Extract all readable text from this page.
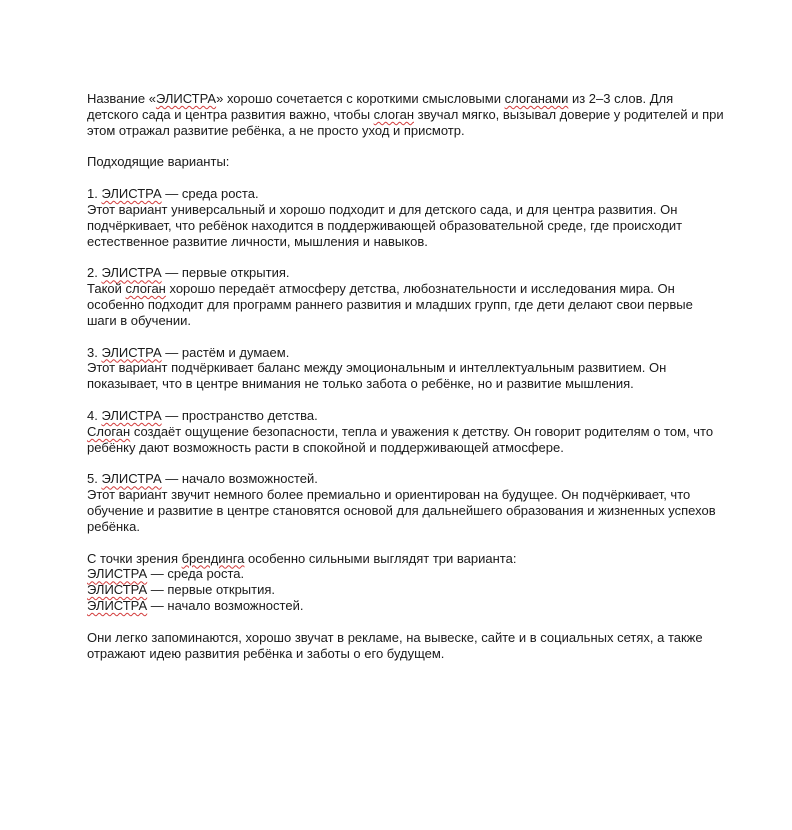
Название «ЭЛИСТРА» хорошо сочетается с короткими смысловыми слоганами из 2–3 слов. Для
детского сада и центра развития важно, чтобы слоган звучал мягко, вызывал доверие у родителей и при
этом отражал развитие ребёнка, а не просто уход и присмотр.

Подходящие варианты:

1. ЭЛИСТРА — среда роста.
Этот вариант универсальный и хорошо подходит и для детского сада, и для центра развития. Он
подчёркивает, что ребёнок находится в поддерживающей образовательной среде, где происходит
естественное развитие личности, мышления и навыков.

2. ЭЛИСТРА — первые открытия.
Такой слоган хорошо передаёт атмосферу детства, любознательности и исследования мира. Он
особенно подходит для программ раннего развития и младших групп, где дети делают свои первые
шаги в обучении.

3. ЭЛИСТРА — растём и думаем.
Этот вариант подчёркивает баланс между эмоциональным и интеллектуальным развитием. Он
показывает, что в центре внимания не только забота о ребёнке, но и развитие мышления.

4. ЭЛИСТРА — пространство детства.
Слоган создаёт ощущение безопасности, тепла и уважения к детству. Он говорит родителям о том, что
ребёнку дают возможность расти в спокойной и поддерживающей атмосфере.

5. ЭЛИСТРА — начало возможностей.
Этот вариант звучит немного более премиально и ориентирован на будущее. Он подчёркивает, что
обучение и развитие в центре становятся основой для дальнейшего образования и жизненных успехов
ребёнка.

С точки зрения брендинга особенно сильными выглядят три варианта:
ЭЛИСТРА — среда роста.
ЭЛИСТРА — первые открытия.
ЭЛИСТРА — начало возможностей.

Они легко запоминаются, хорошо звучат в рекламе, на вывеске, сайте и в социальных сетях, а также
отражают идею развития ребёнка и заботы о его будущем.
